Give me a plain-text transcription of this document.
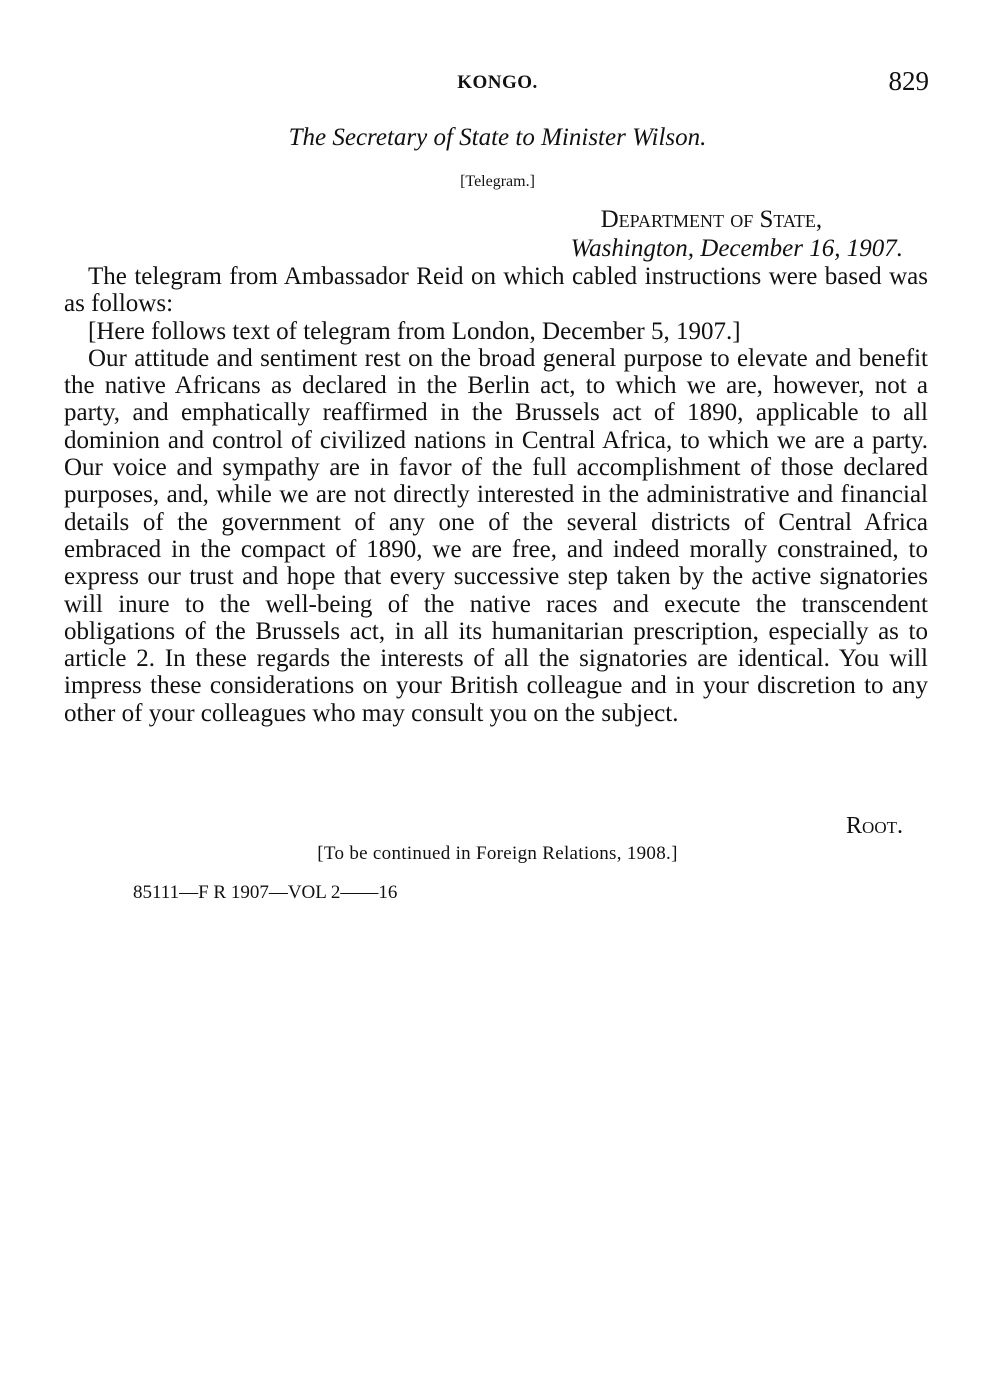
KONGO.	829
The Secretary of State to Minister Wilson.
[Telegram.]
Department of State,
Washington, December 16, 1907.

The telegram from Ambassador Reid on which cabled instructions were based was as follows:

[Here follows text of telegram from London, December 5, 1907.]

Our attitude and sentiment rest on the broad general purpose to elevate and benefit the native Africans as declared in the Berlin act, to which we are, however, not a party, and emphatically reaffirmed in the Brussels act of 1890, applicable to all dominion and control of civilized nations in Central Africa, to which we are a party. Our voice and sympathy are in favor of the full accomplishment of those declared purposes, and, while we are not directly interested in the administrative and financial details of the government of any one of the several districts of Central Africa embraced in the compact of 1890, we are free, and indeed morally constrained, to express our trust and hope that every successive step taken by the active signatories will inure to the well-being of the native races and execute the transcendent obligations of the Brussels act, in all its humanitarian prescription, especially as to article 2. In these regards the interests of all the signatories are identical. You will impress these considerations on your British colleague and in your discretion to any other of your colleagues who may consult you on the subject.

Root.
[To be continued in Foreign Relations, 1908.]
85111—F R 1907—VOL 2——16
